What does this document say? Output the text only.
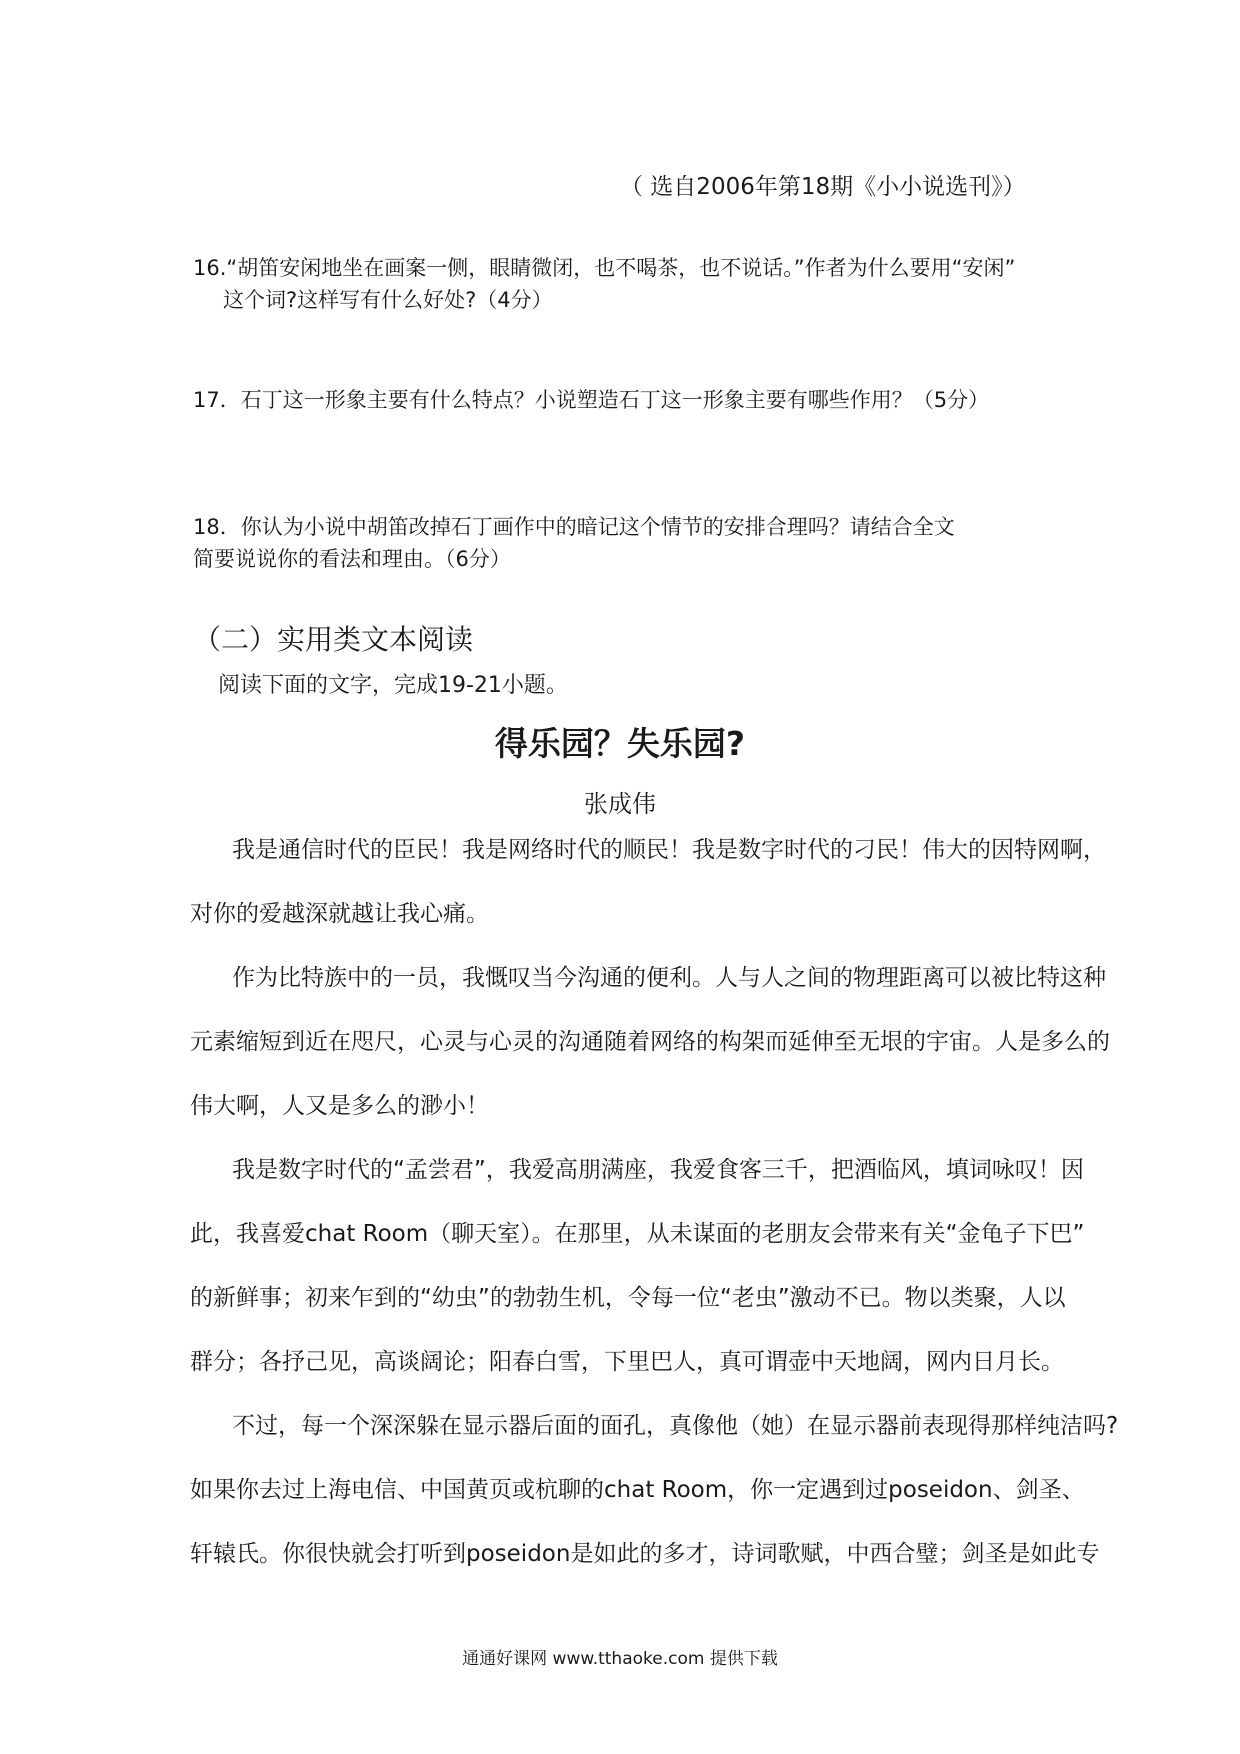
（ 选自2006年第18期《小小说选刊》）
16.“胡笛安闲地坐在画案一侧，眼睛微闭，也不喝茶，也不说话。”作者为什么要用“安闲”
这个词?这样写有什么好处?（4分）
17．石丁这一形象主要有什么特点？小说塑造石丁这一形象主要有哪些作用？（5分）
18．你认为小说中胡笛改掉石丁画作中的暗记这个情节的安排合理吗？请结合全文
简要说说你的看法和理由。（6分）
（二）实用类文本阅读
阅读下面的文字，完成19-21小题。
得乐园？失乐园?
张成伟
我是通信时代的臣民！我是网络时代的顺民！我是数字时代的刁民！伟大的因特网啊，
对你的爱越深就越让我心痛。
作为比特族中的一员，我慨叹当今沟通的便利。人与人之间的物理距离可以被比特这种
元素缩短到近在咫尺，心灵与心灵的沟通随着网络的构架而延伸至无垠的宇宙。人是多么的
伟大啊，人又是多么的渺小！
我是数字时代的“孟尝君”，我爱高朋满座，我爱食客三千，把酒临风，填词咏叹！因
此，我喜爱chat Room（聊天室）。在那里，从未谋面的老朋友会带来有关“金龟子下巴”
的新鲜事；初来乍到的“幼虫”的勃勃生机，令每一位“老虫”激动不已。物以类聚，人以
群分；各抒己见，高谈阔论；阳春白雪，下里巴人，真可谓壶中天地阔，网内日月长。
不过，每一个深深躲在显示器后面的面孔，真像他（她）在显示器前表现得那样纯洁吗?
如果你去过上海电信、中国黄页或杭聊的chat Room，你一定遇到过poseidon、剑圣、
轩辕氏。你很快就会打听到poseidon是如此的多才，诗词歌赋，中西合璧；剑圣是如此专
通通好课网 www.tthaoke.com 提供下载
